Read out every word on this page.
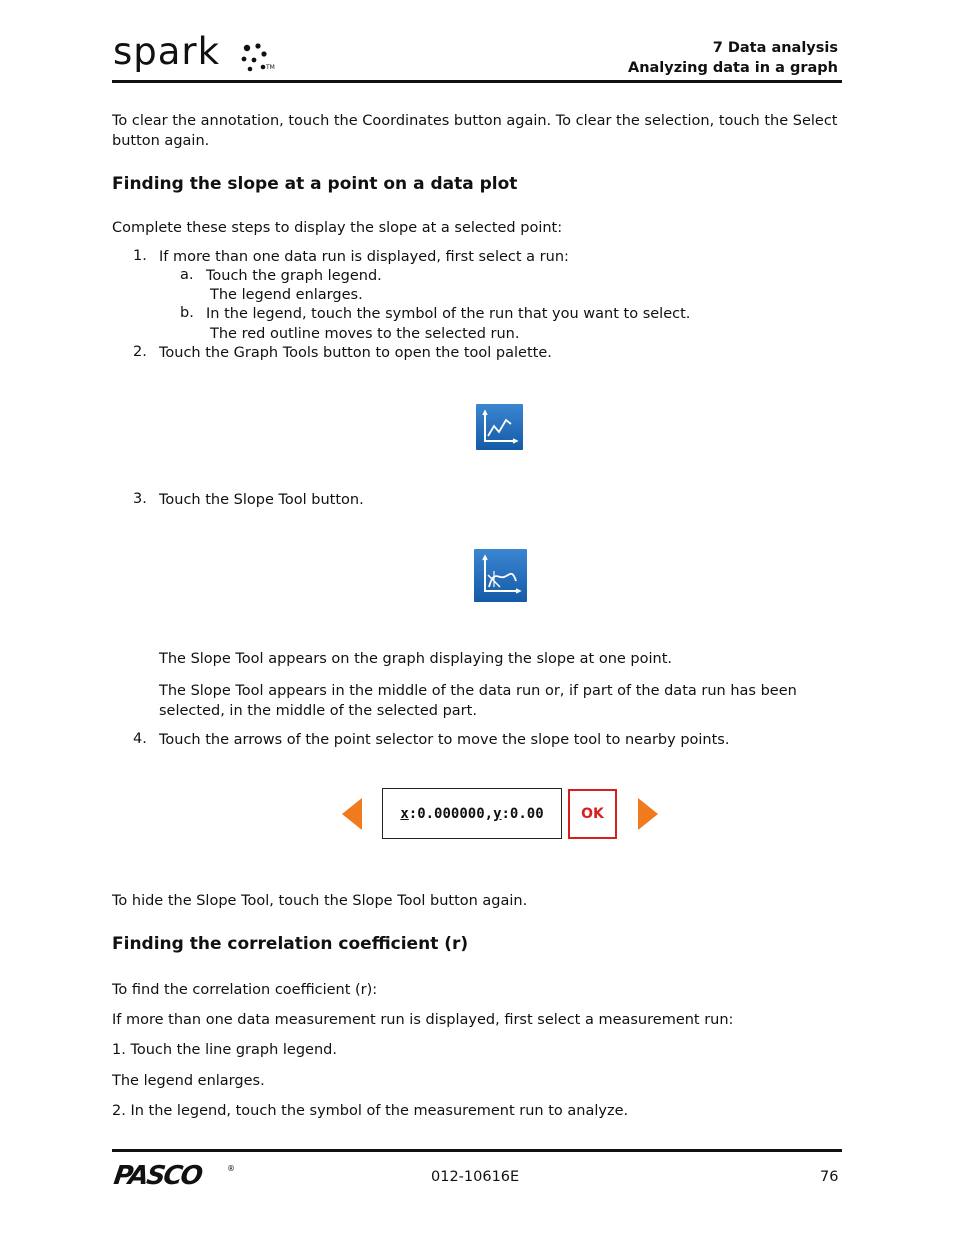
spark	TM
7 Data analysis
Analyzing data in a graph
To clear the annotation, touch the Coordinates button again. To clear the selection, touch the Select button again.
Finding the slope at a point on a data plot
Complete these steps to display the slope at a selected point:
1. If more than one data run is displayed, first select a run:
a. Touch the graph legend.
The legend enlarges.
b. In the legend, touch the symbol of the run that you want to select.
The red outline moves to the selected run.
2. Touch the Graph Tools button to open the tool palette.
3. Touch the Slope Tool button.
The Slope Tool appears on the graph displaying the slope at one point.
The Slope Tool appears in the middle of the data run or, if part of the data run has been selected, in the middle of the selected part.
4. Touch the arrows of the point selector to move the slope tool to nearby points.
x :0.000000, y :0.00	OK
To hide the Slope Tool, touch the Slope Tool button again.
Finding the correlation coefficient (r)
To find the correlation coefficient (r):
If more than one data measurement run is displayed, first select a measurement run:
1. Touch the line graph legend.
The legend enlarges.
2. In the legend, touch the symbol of the measurement run to analyze.
PASCO	®
012-10616E	76
